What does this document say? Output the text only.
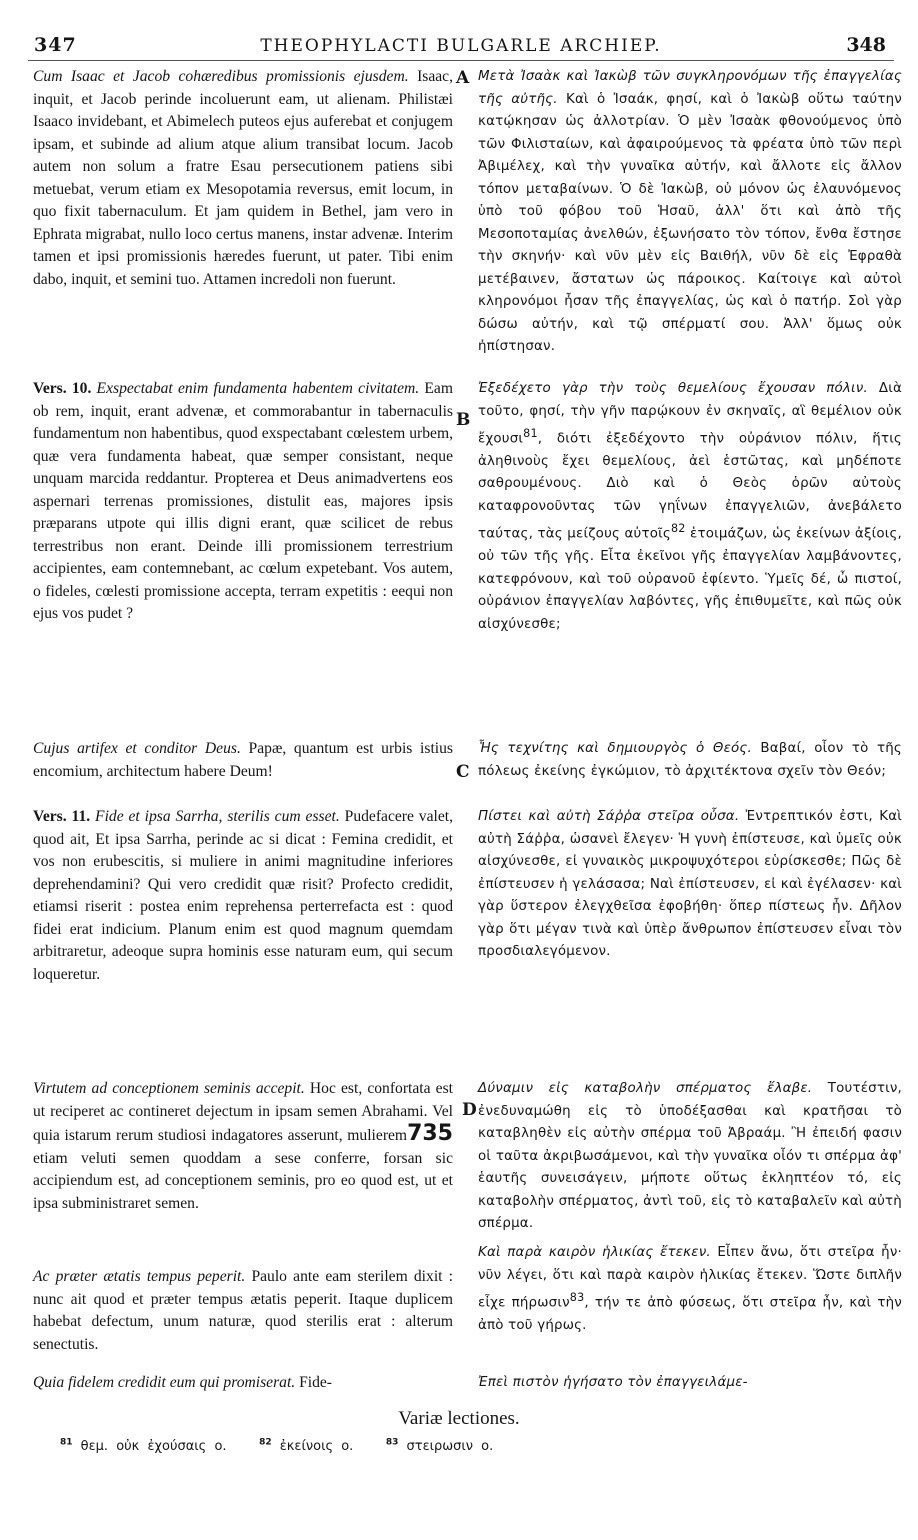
347	THEOPHYLACTI BULGARLE ARCHIEP.	348
Cum Isaac et Jacob cohæredibus promissionis ejusdem. Isaac, inquit, et Jacob perinde incoluerunt eam, ut alienam. Philistæi Isaaco invidebant, et Abimelech puteos ejus auferebat et conjugem ipsam, et subinde ad alium atque alium transibat locum. Jacob autem non solum a fratre Esau persecutionem patiens sibi metuebat, verum etiam ex Mesopotamia reversus, emit locum, in quo fixit tabernaculum. Et jam quidem in Bethel, jam vero in Ephrata migrabat, nullo loco certus manens, instar advenæ. Interim tamen et ipsi promissionis hæredes fuerunt, ut pater. Tibi enim dabo, inquit, et semini tuo. Attamen incredoli non fuerunt.
Vers. 10. Exspectabat enim fundamenta habentem civitatem. Eam ob rem, inquit, erant advenæ, et commorabantur in tabernaculis fundamentum non habentibus, quod exspectabant cœlestem urbem, quæ vera fundamenta habeat, quæ semper consistant, neque unquam marcida reddantur. Propterea et Deus animadvertens eos aspernari terrenas promissiones, distulit eas, majores ipsis præparans utpote qui illis digni erant, quæ scilicet de rebus terrestribus non erant. Deinde illi promissionem terrestrium accipientes, eam contemnebant, ac cœlum expetebant. Vos autem, o fideles, cœlesti promissione accepta, terram expetitis : eequi non ejus vos pudet ?
Cujus artifex et conditor Deus. Papæ, quantum est urbis istius encomium, architectum habere Deum!
Vers. 11. Fide et ipsa Sarrha, sterilis cum esset. Pudefacere valet, quod ait, Et ipsa Sarrha, perinde ac si dicat : Femina credidit, et vos non erubescitis, si muliere in animi magnitudine inferiores deprehendamini? Qui vero credidit quæ risit? Profecto credidit, etiamsi riserit : postea enim reprehensa perterrefacta est : quod fidei erat indicium. Planum enim est quod magnum quemdam arbitraretur, adeoque supra hominis esse naturam eum, qui secum loqueretur.
Virtutem ad conceptionem seminis accepit. Hoc est, confortata est ut reciperet ac contineret dejectum in ipsam semen Abrahami. Vel quia istarum rerum studiosi indagatores asserunt, mulierem735 etiam veluti semen quoddam a sese conferre, forsan sic accipiendum est, ad conceptionem seminis, pro eo quod est, ut et ipsa subministraret semen.
Ac præter ætatis tempus peperit. Paulo ante eam sterilem dixit : nunc ait quod et præter tempus ætatis peperit. Itaque duplicem habebat defectum, unum naturæ, quod sterilis erat : alterum senectutis.
Quia fidelem credidit eum qui promiserat. Fide-
A
B
C
D
Μετὰ Ἰσαὰκ καὶ Ἰακὼβ τῶν συγκληρονόμων τῆς ἐπαγγελίας τῆς αὐτῆς. Καὶ ὁ Ἰσαάκ, φησί, καὶ ὁ Ἰακὼβ οὕτω ταύτην κατῴκησαν ὡς ἀλλοτρίαν. Ὁ μὲν Ἰσαὰκ φθονούμενος ὑπὸ τῶν Φιλισταίων, καὶ ἀφαιρούμενος τὰ φρέατα ὑπὸ τῶν περὶ Ἀβιμέλεχ, καὶ τὴν γυναῖκα αὐτήν, καὶ ἄλλοτε εἰς ἄλλον τόπον μεταβαίνων. Ὁ δὲ Ἰακὼβ, οὐ μόνον ὡς ἐλαυνόμενος ὑπὸ τοῦ φόβου τοῦ Ἡσαῦ, ἀλλ' ὅτι καὶ ἀπὸ τῆς Μεσοποταμίας ἀνελθών, ἐξωνήσατο τὸν τόπον, ἔνθα ἔστησε τὴν σκηνήν· καὶ νῦν μὲν εἰς Βαιθήλ, νῦν δὲ εἰς Ἐφραθὰ μετέβαινεν, ἄστατων ὡς πάροικος. Καίτοιγε καὶ αὐτοὶ κληρονόμοι ἦσαν τῆς ἐπαγγελίας, ὡς καὶ ὁ πατήρ. Σοὶ γὰρ δώσω αὐτήν, καὶ τῷ σπέρματί σου. Ἀλλ' ὅμως οὐκ ἠπίστησαν.
Ἐξεδέχετο γὰρ τὴν τοὺς θεμελίους ἔχουσαν πόλιν. Διὰ τοῦτο, φησί, τὴν γῆν παρῴκουν ἐν σκηναῖς, αἳ θεμέλιον οὐκ ἔχουσι$^{81}$, διότι ἐξεδέχοντο τὴν οὐράνιον πόλιν, ἥτις ἀληθινοὺς ἔχει θεμελίους, ἀεὶ ἑστῶτας, καὶ μηδέποτε σαθρουμένους. Διὸ καὶ ὁ Θεὸς ὁρῶν αὐτοὺς καταφρονοῦντας τῶν γηΐνων ἐπαγγελιῶν, ἀνεβάλετο ταύτας, τὰς μείζους αὐτοῖς$^{82}$ ἑτοιμάζων, ὡς ἐκείνων ἀξίοις, οὐ τῶν τῆς γῆς. Εἶτα ἐκεῖνοι γῆς ἐπαγγελίαν λαμβάνοντες, κατεφρόνουν, καὶ τοῦ οὐρανοῦ ἐφίεντο. Ὑμεῖς δέ, ὦ πιστοί, οὐράνιον ἐπαγγελίαν λαβόντες, γῆς ἐπιθυμεῖτε, καὶ πῶς οὐκ αἰσχύνεσθε;
Ἧς τεχνίτης καὶ δημιουργὸς ὁ Θεός. Βαβαί, οἷον τὸ τῆς πόλεως ἐκείνης ἐγκώμιον, τὸ ἀρχιτέκτονα σχεῖν τὸν Θεόν;
Πίστει καὶ αὐτὴ Σάῤῥα στεῖρα οὖσα. Ἐντρεπτικόν ἐστι, Καὶ αὐτὴ Σάῤῥα, ὡσανεὶ ἔλεγεν· Ἡ γυνὴ ἐπίστευσε, καὶ ὑμεῖς οὐκ αἰσχύνεσθε, εἰ γυναικὸς μικροψυχότεροι εὑρίσκεσθε; Πῶς δὲ ἐπίστευσεν ἡ γελάσασα; Ναὶ ἐπίστευσεν, εἰ καὶ ἐγέλασεν· καὶ γὰρ ὕστερον ἐλεγχθεῖσα ἐφοβήθη· ὅπερ πίστεως ἦν. Δῆλον γὰρ ὅτι μέγαν τινὰ καὶ ὑπὲρ ἄνθρωπον ἐπίστευσεν εἶναι τὸν προσδιαλεγόμενον.
Δύναμιν εἰς καταβολὴν σπέρματος ἔλαβε. Τουτέστιν, ἐνεδυναμώθη εἰς τὸ ὑποδέξασθαι καὶ κρατῆσαι τὸ καταβληθὲν εἰς αὐτὴν σπέρμα τοῦ Ἀβραάμ. Ἢ ἐπειδή φασιν οἱ ταῦτα ἀκριβωσάμενοι, καὶ τὴν γυναῖκα οἷόν τι σπέρμα ἀφ' ἑαυτῆς συνεισάγειν, μήποτε οὕτως ἐκληπτέον τό, εἰς καταβολὴν σπέρματος, ἀντὶ τοῦ, εἰς τὸ καταβαλεῖν καὶ αὐτὴ σπέρμα.
Καὶ παρὰ καιρὸν ἡλικίας ἔτεκεν. Εἶπεν ἄνω, ὅτι στεῖρα ἦν· νῦν λέγει, ὅτι καὶ παρὰ καιρὸν ἡλικίας ἔτεκεν. Ὥστε διπλῆν εἶχε πήρωσιν$^{83}$, τήν τε ἀπὸ φύσεως, ὅτι στεῖρα ἦν, καὶ τὴν ἀπὸ τοῦ γήρως.
Ἐπεὶ πιστὸν ἡγήσατο τὸν ἐπαγγειλάμε-
Variæ lectiones.
$^{81}$ θεμ. οὐκ ἐχούσαις ο.	$^{82}$ ἐκείνοις ο.	$^{83}$ στειρωσιν ο.
